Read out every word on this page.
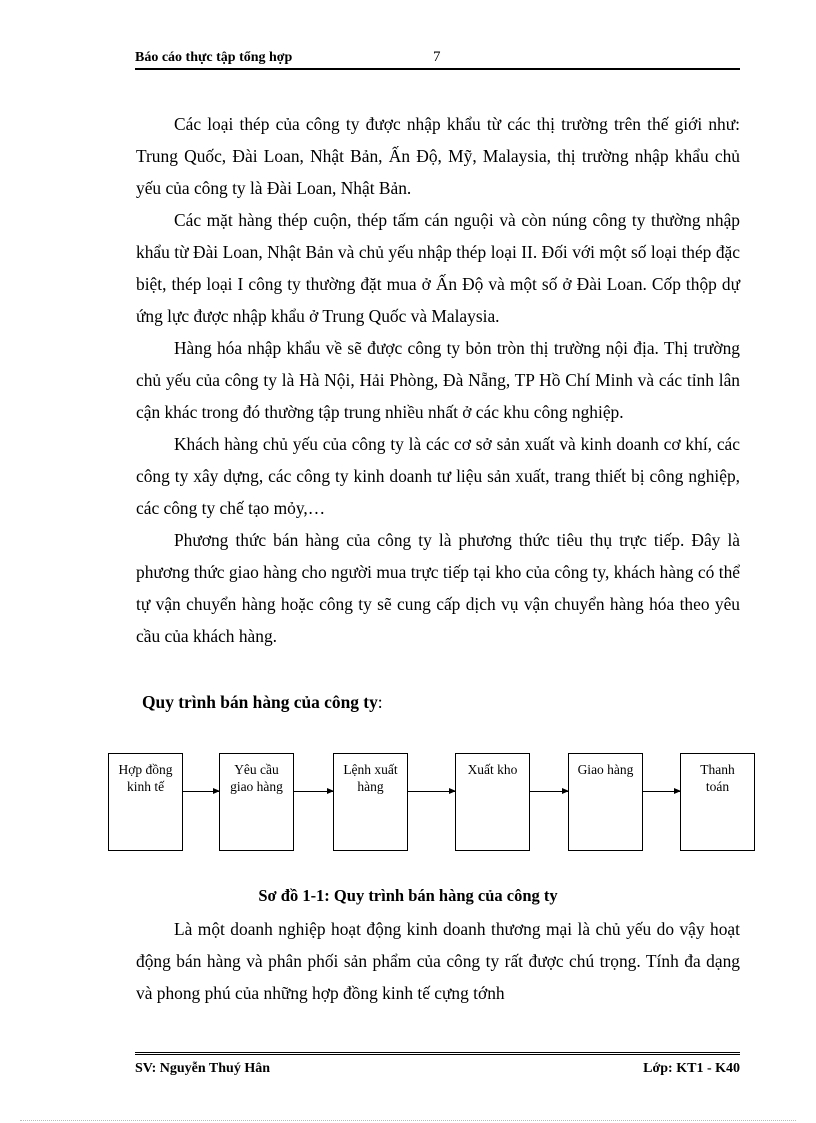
Báo cáo thực tập tổng hợp	7

Các loại thép của công ty được nhập khẩu từ các thị trường trên thế giới như: Trung Quốc, Đài Loan, Nhật Bản, Ấn Độ, Mỹ, Malaysia, thị trường nhập khẩu chủ yếu của công ty là Đài Loan, Nhật Bản.

Các mặt hàng thép cuộn, thép tấm cán nguội và còn núng công ty thường nhập khẩu từ Đài Loan, Nhật Bản và chủ yếu nhập thép loại II. Đối với một số loại thép đặc biệt, thép loại I công ty thường đặt mua ở Ấn Độ và một số ở Đài Loan. Cốp thộp dự ứng lực được nhập khẩu ở Trung Quốc và Malaysia.

Hàng hóa nhập khẩu về sẽ được công ty bỏn tròn thị trường nội địa. Thị trường chủ yếu của công ty là Hà Nội, Hải Phòng, Đà Nẵng, TP Hồ Chí Minh và các tỉnh lân cận khác trong đó thường tập trung nhiều nhất ở các khu công nghiệp.

Khách hàng chủ yếu của công ty là các cơ sở sản xuất và kinh doanh cơ khí, các công ty xây dựng, các công ty kinh doanh tư liệu sản xuất, trang thiết bị công nghiệp, các công ty chế tạo mỏy,…

Phương thức bán hàng của công ty là phương thức tiêu thụ trực tiếp. Đây là phương thức giao hàng cho người mua trực tiếp tại kho của công ty, khách hàng có thể tự vận chuyển hàng hoặc công ty sẽ cung cấp dịch vụ vận chuyển hàng hóa theo yêu cầu của khách hàng.

Quy trình bán hàng của công ty:
Hợp đồng kinh tế
Yêu cầu giao hàng
Lệnh xuất hàng
Xuất kho	Giao hàng	Thanh toán
Sơ đồ 1-1: Quy trình bán hàng của công ty

Là một doanh nghiệp hoạt động kinh doanh thương mại là chủ yếu do vậy hoạt động bán hàng và phân phối sản phẩm của công ty rất được chú trọng. Tính đa dạng và phong phú của những hợp đồng kinh tế cựng tớnh

SV: Nguyễn Thuý Hân	Lớp: KT1 - K40
